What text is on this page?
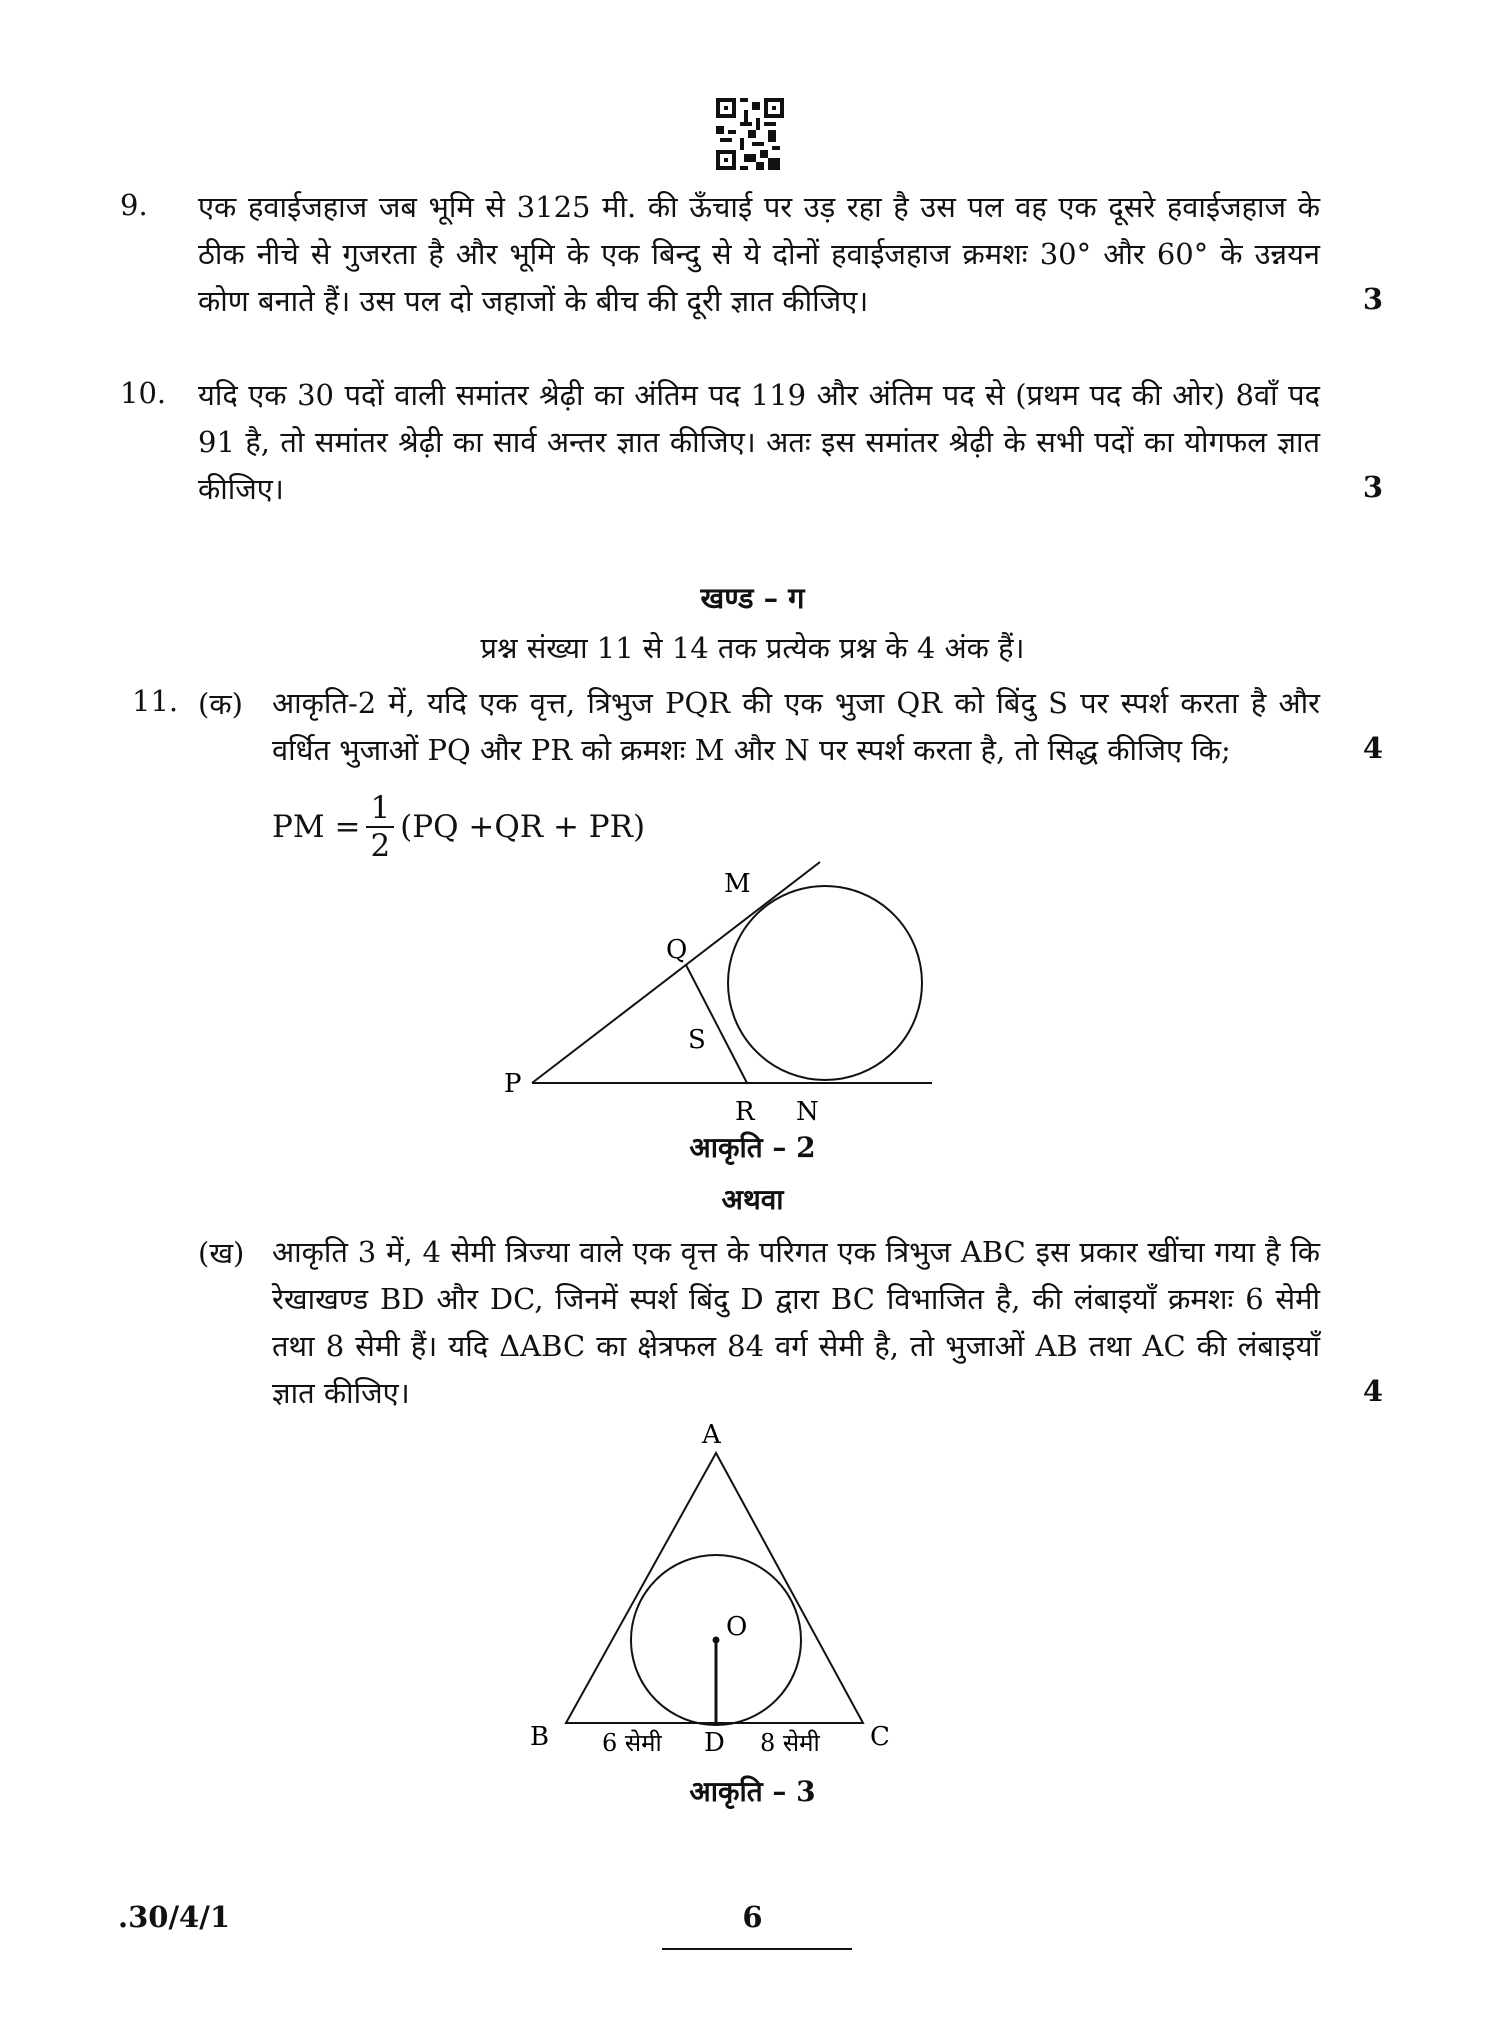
9. एक हवाईजहाज जब भूमि से 3125 मी. की ऊँचाई पर उड़ रहा है उस पल वह एक दूसरे हवाईजहाज के ठीक नीचे से गुजरता है और भूमि के एक बिन्दु से ये दोनों हवाईजहाज क्रमशः 30° और 60° के उन्नयन कोण बनाते हैं। उस पल दो जहाजों के बीच की दूरी ज्ञात कीजिए।	3
10. यदि एक 30 पदों वाली समांतर श्रेढ़ी का अंतिम पद 119 और अंतिम पद से (प्रथम पद की ओर) 8वाँ पद 91 है, तो समांतर श्रेढ़ी का सार्व अन्तर ज्ञात कीजिए। अतः इस समांतर श्रेढ़ी के सभी पदों का योगफल ज्ञात कीजिए।	3
खण्ड – ग
प्रश्न संख्या 11 से 14 तक प्रत्येक प्रश्न के 4 अंक हैं।
11. (क) आकृति-2 में, यदि एक वृत्त, त्रिभुज PQR की एक भुजा QR को बिंदु S पर स्पर्श करता है और वर्धित भुजाओं PQ और PR को क्रमशः M और N पर स्पर्श करता है, तो सिद्ध कीजिए कि;	4
PM = $\frac{1}{2} (PQ +QR + PR)$
M
Q
S
P
R N
आकृति – 2
अथवा
(ख) आकृति 3 में, 4 सेमी त्रिज्या वाले एक वृत्त के परिगत एक त्रिभुज ABC इस प्रकार खींचा गया है कि रेखाखण्ड BD और DC, जिनमें स्पर्श बिंदु D द्वारा BC विभाजित है, की लंबाइयाँ क्रमशः 6 सेमी तथा 8 सेमी हैं। यदि ΔABC का क्षेत्रफल 84 वर्ग सेमी है, तो भुजाओं AB तथा AC की लंबाइयाँ ज्ञात कीजिए।	4
A
O
B	C
D
6 सेमी	8 सेमी
आकृति – 3
.30/4/1	6
